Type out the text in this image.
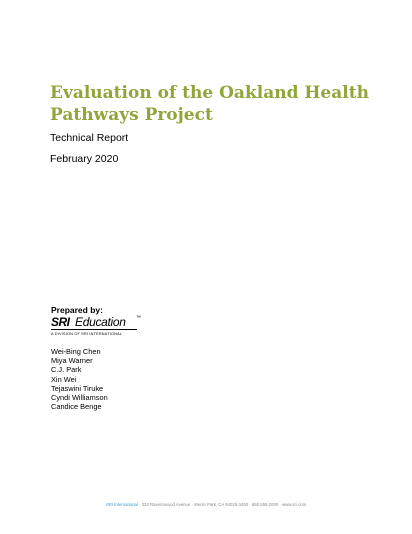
Evaluation of the Oakland Health Pathways Project
Technical Report
February 2020
Prepared by:
SRI Education ™
A DIVISION OF SRI INTERNATIONAL
Wei-Bing Chen
Miya Warner
C.J. Park
Xin Wei
Tejaswini Tiruke
Cyndi Williamson
Candice Benge
SRI International · 333 Ravenswood Avenue · Menlo Park, CA 94025-3493 · 650.859.2000 · www.sri.com
